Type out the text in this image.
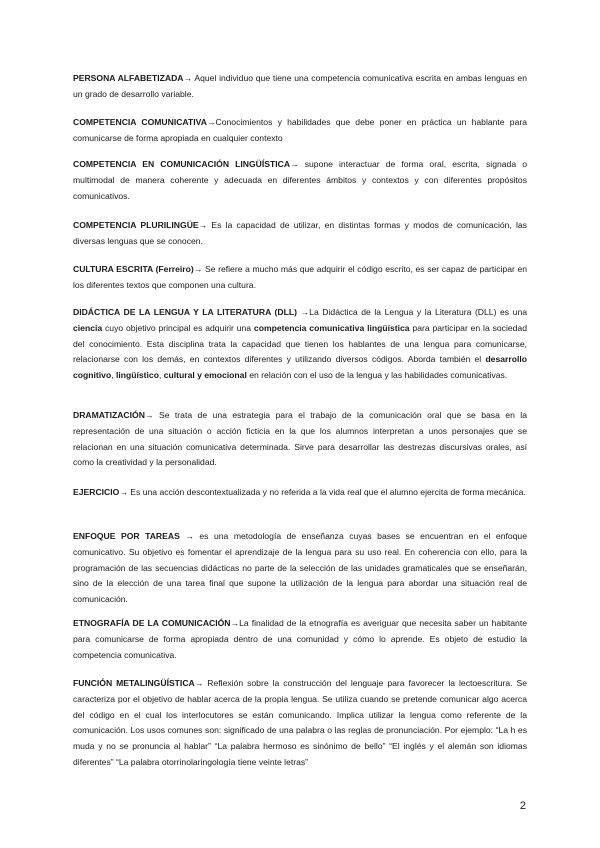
PERSONA ALFABETIZADA→ Aquel individuo que tiene una competencia comunicativa escrita en ambas lenguas en un grado de desarrollo variable.

COMPETENCIA COMUNICATIVA→Conocimientos y habilidades que debe poner en práctica un hablante para comunicarse de forma apropiada en cualquier contexto

COMPETENCIA EN COMUNICACIÓN LINGÜÍSTICA→ supone interactuar de forma oral, escrita, signada o multimodal de manera coherente y adecuada en diferentes ámbitos y contextos y con diferentes propósitos comunicativos.

COMPETENCIA PLURILINGÜE→ Es la capacidad de utilizar, en distintas formas y modos de comunicación, las diversas lenguas que se conocen.

CULTURA ESCRITA (Ferreiro)→ Se refiere a mucho más que adquirir el código escrito, es ser capaz de participar en los diferentes textos que componen una cultura.

DIDÁCTICA DE LA LENGUA Y LA LITERATURA (DLL) →La Didáctica de la Lengua y la Literatura (DLL) es una ciencia cuyo objetivo principal es adquirir una competencia comunicativa lingüística para participar en la sociedad del conocimiento. Esta disciplina trata la capacidad que tienen los hablantes de una lengua para comunicarse, relacionarse con los demás, en contextos diferentes y utilizando diversos códigos. Aborda también el desarrollo cognitivo, lingüístico, cultural y emocional en relación con el uso de la lengua y las habilidades comunicativas.

DRAMATIZACIÓN→ Se trata de una estrategia para el trabajo de la comunicación oral que se basa en la representación de una situación o acción ficticia en la que los alumnos interpretan a unos personajes que se relacionan en una situación comunicativa determinada. Sirve para desarrollar las destrezas discursivas orales, así como la creatividad y la personalidad.

EJERCICIO→ Es una acción descontextualizada y no referida a la vida real que el alumno ejercita de forma mecánica.

ENFOQUE POR TAREAS → es una metodología de enseñanza cuyas bases se encuentran en el enfoque comunicativo. Su objetivo es fomentar el aprendizaje de la lengua para su uso real. En coherencia con ello, para la programación de las secuencias didácticas no parte de la selección de las unidades gramaticales que se enseñarán, sino de la elección de una tarea final que supone la utilización de la lengua para abordar una situación real de comunicación.

ETNOGRAFÍA DE LA COMUNICACIÓN→La finalidad de la etnografía es averiguar que necesita saber un habitante para comunicarse de forma apropiada dentro de una comunidad y cómo lo aprende. Es objeto de estudio la competencia comunicativa.

FUNCIÓN METALINGÜÍSTICA→ Reflexión sobre la construcción del lenguaje para favorecer la lectoescritura. Se caracteriza por el objetivo de hablar acerca de la propia lengua. Se utiliza cuando se pretende comunicar algo acerca del código en el cual los interlocutores se están comunicando. Implica utilizar la lengua como referente de la comunicación. Los usos comunes son: significado de una palabra o las reglas de pronunciación. Por ejemplo: “La h es muda y no se pronuncia al hablar” “La palabra hermoso es sinónimo de bello” “El inglés y el alemán son idiomas diferentes” “La palabra otorrinolaringología tiene veinte letras”

2
